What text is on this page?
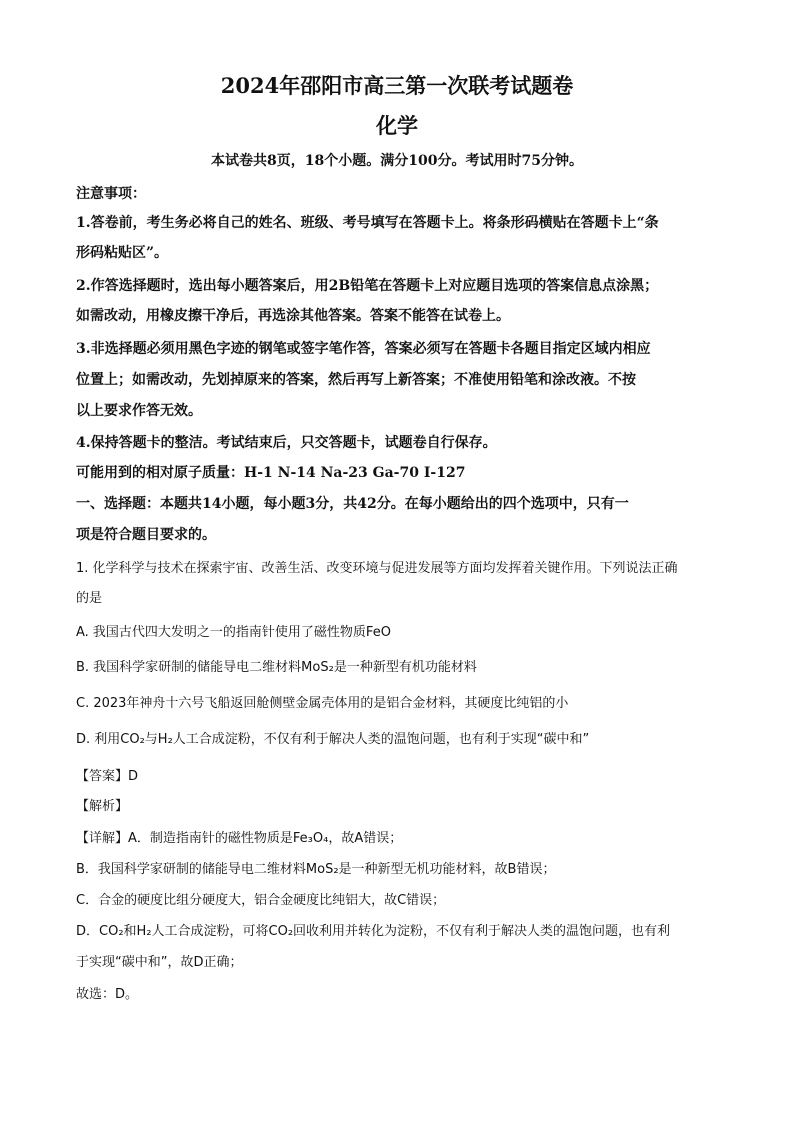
2024年邵阳市高三第一次联考试题卷
化学
本试卷共8页，18个小题。满分100分。考试用时75分钟。
注意事项：
1.答卷前，考生务必将自己的姓名、班级、考号填写在答题卡上。将条形码横贴在答题卡上“条
形码粘贴区”。
2.作答选择题时，选出每小题答案后，用2B铅笔在答题卡上对应题目选项的答案信息点涂黑；
如需改动，用橡皮擦干净后，再选涂其他答案。答案不能答在试卷上。
3.非选择题必须用黑色字迹的钢笔或签字笔作答，答案必须写在答题卡各题目指定区域内相应
位置上；如需改动，先划掉原来的答案，然后再写上新答案；不准使用铅笔和涂改液。不按
以上要求作答无效。
4.保持答题卡的整洁。考试结束后，只交答题卡，试题卷自行保存。
可能用到的相对原子质量：H-1 N-14 Na-23 Ga-70 I-127
一、选择题：本题共14小题，每小题3分，共42分。在每小题给出的四个选项中，只有一
项是符合题目要求的。
1. 化学科学与技术在探索宇宙、改善生活、改变环境与促进发展等方面均发挥着关键作用。下列说法正确
的是
A. 我国古代四大发明之一的指南针使用了磁性物质FeO
B. 我国科学家研制的储能导电二维材料MoS₂是一种新型有机功能材料
C. 2023年神舟十六号飞船返回舱侧壁金属壳体用的是铝合金材料，其硬度比纯铝的小
D. 利用CO₂与H₂人工合成淀粉，不仅有利于解决人类的温饱问题，也有利于实现“碳中和”
【答案】D
【解析】
【详解】A．制造指南针的磁性物质是Fe₃O₄，故A错误；
B．我国科学家研制的储能导电二维材料MoS₂是一种新型无机功能材料，故B错误；
C．合金的硬度比组分硬度大，铝合金硬度比纯铝大，故C错误；
D．CO₂和H₂人工合成淀粉，可将CO₂回收利用并转化为淀粉，不仅有利于解决人类的温饱问题，也有利
于实现“碳中和”，故D正确；
故选：D。
